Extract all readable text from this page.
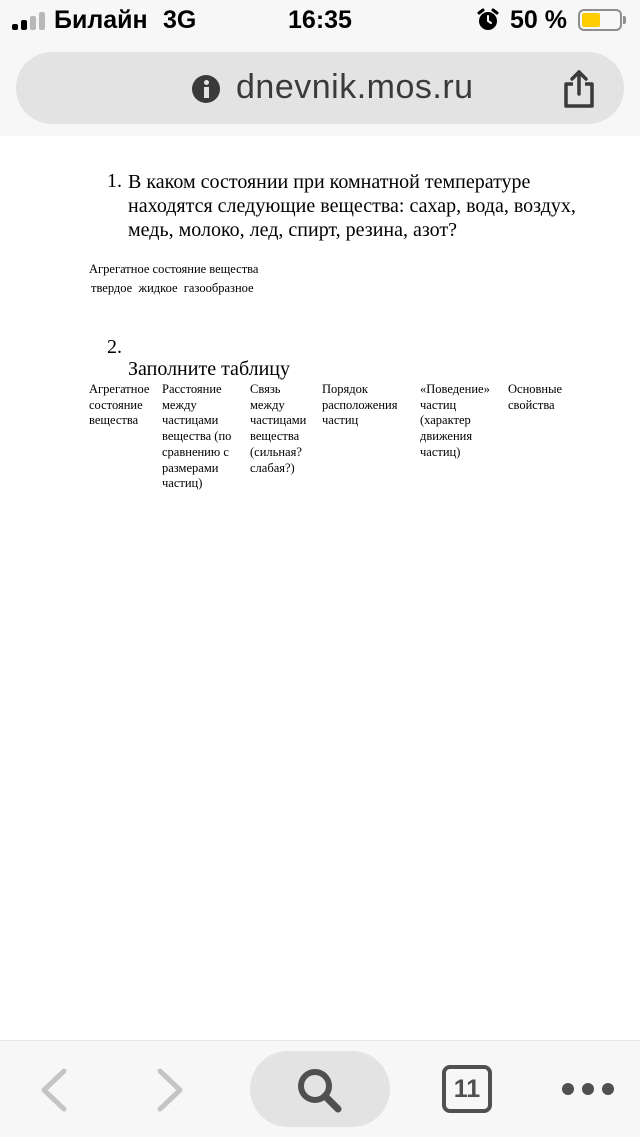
Билайн 3G	16:35	50 %
dnevnik.mos.ru
1. В каком состоянии при комнатной температуре находятся следующие вещества: сахар, вода, воздух, медь, молоко, лед, спирт, резина, азот?
Агрегатное состояние вещества
твердое  жидкое  газообразное
2.
Заполните таблицу
Агрегатное состояние вещества
Расстояние между частицами вещества (по сравнению с размерами частиц)
Связь между частицами вещества (сильная? слабая?)
Порядок расположения частиц
«Поведение» частиц (характер движения частиц)
Основные свойства
11
